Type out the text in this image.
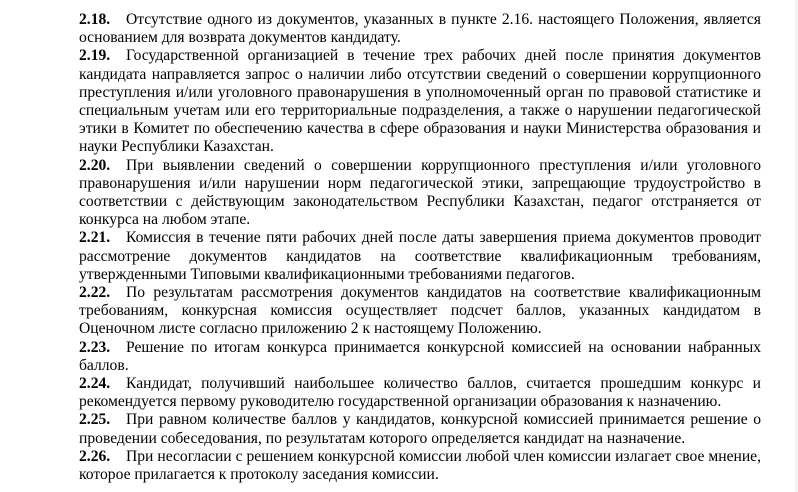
2.18. Отсутствие одного из документов, указанных в пункте 2.16. настоящего Положения, является основанием для возврата документов кандидату.

2.19. Государственной организацией в течение трех рабочих дней после принятия документов кандидата направляется запрос о наличии либо отсутствии сведений о совершении коррупционного преступления и/или уголовного правонарушения в уполномоченный орган по правовой статистике и специальным учетам или его территориальные подразделения, а также о нарушении педагогической этики в Комитет по обеспечению качества в сфере образования и науки Министерства образования и науки Республики Казахстан.

2.20. При выявлении сведений о совершении коррупционного преступления и/или уголовного правонарушения и/или нарушении норм педагогической этики, запрещающие трудоустройство в соответствии с действующим законодательством Республики Казахстан, педагог отстраняется от конкурса на любом этапе.

2.21. Комиссия в течение пяти рабочих дней после даты завершения приема документов проводит рассмотрение документов кандидатов на соответствие квалификационным требованиям, утвержденными Типовыми квалификационными требованиями педагогов.

2.22. По результатам рассмотрения документов кандидатов на соответствие квалификационным требованиям, конкурсная комиссия осуществляет подсчет баллов, указанных кандидатом в Оценочном листе согласно приложению 2 к настоящему Положению.

2.23. Решение по итогам конкурса принимается конкурсной комиссией на основании набранных баллов.

2.24. Кандидат, получивший наибольшее количество баллов, считается прошедшим конкурс и рекомендуется первому руководителю государственной организации образования к назначению.

2.25. При равном количестве баллов у кандидатов, конкурсной комиссией принимается решение о проведении собеседования, по результатам которого определяется кандидат на назначение.

2.26. При несогласии с решением конкурсной комиссии любой член комиссии излагает свое мнение, которое прилагается к протоколу заседания комиссии.
